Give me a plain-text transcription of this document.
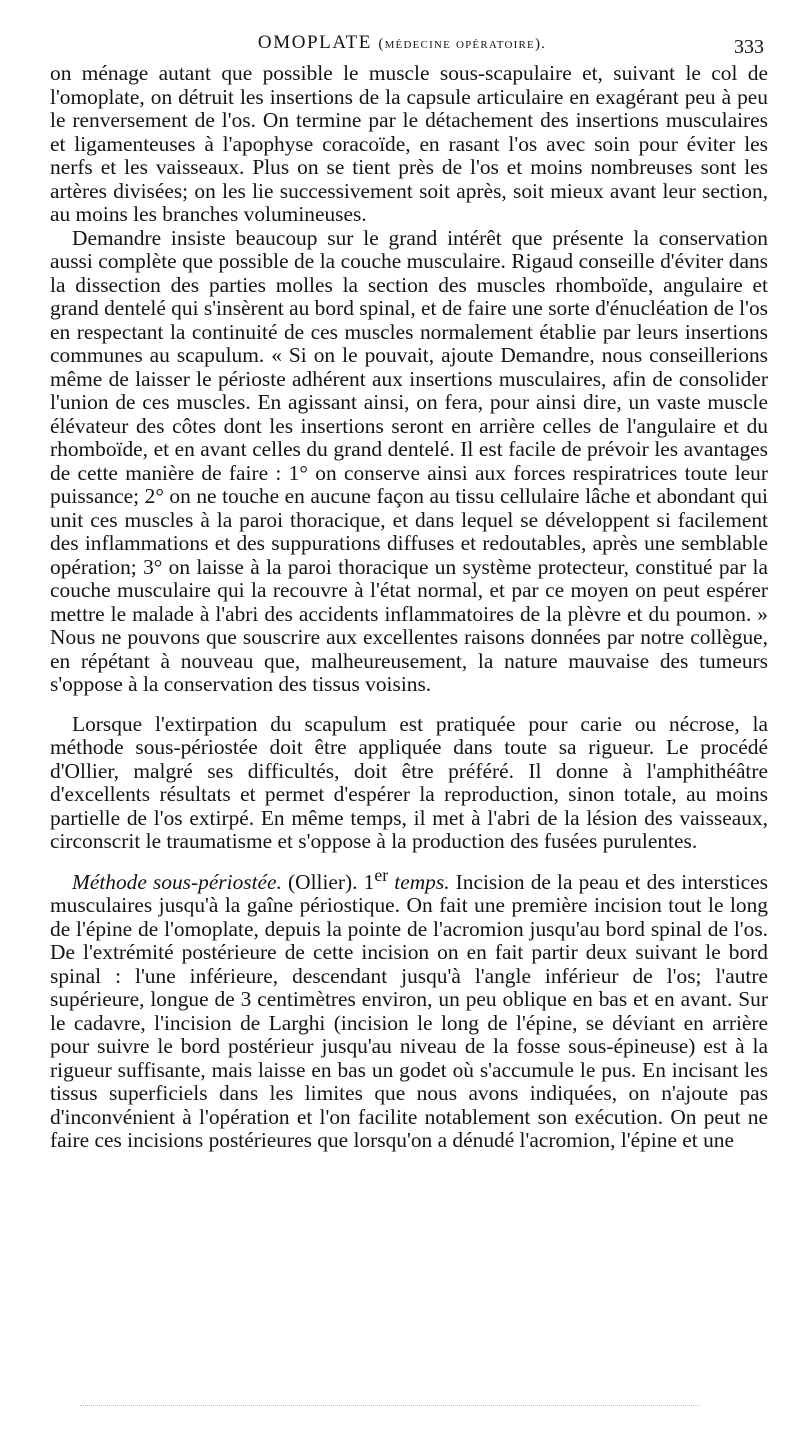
OMOPLATE (médecine opératoire).	333

on ménage autant que possible le muscle sous-scapulaire et, suivant le col de l'omoplate, on détruit les insertions de la capsule articulaire en exagérant peu à peu le renversement de l'os. On termine par le détachement des insertions musculaires et ligamenteuses à l'apophyse coracoïde, en rasant l'os avec soin pour éviter les nerfs et les vaisseaux. Plus on se tient près de l'os et moins nombreuses sont les artères divisées; on les lie successivement soit après, soit mieux avant leur section, au moins les branches volumineuses.

Demandre insiste beaucoup sur le grand intérêt que présente la conservation aussi complète que possible de la couche musculaire. Rigaud conseille d'éviter dans la dissection des parties molles la section des muscles rhomboïde, angulaire et grand dentelé qui s'insèrent au bord spinal, et de faire une sorte d'énucléation de l'os en respectant la continuité de ces muscles normalement établie par leurs insertions communes au scapulum. « Si on le pouvait, ajoute Demandre, nous conseillerions même de laisser le périoste adhérent aux insertions musculaires, afin de consolider l'union de ces muscles. En agissant ainsi, on fera, pour ainsi dire, un vaste muscle élévateur des côtes dont les insertions seront en arrière celles de l'angulaire et du rhomboïde, et en avant celles du grand dentelé. Il est facile de prévoir les avantages de cette manière de faire : 1° on conserve ainsi aux forces respiratrices toute leur puissance; 2° on ne touche en aucune façon au tissu cellulaire lâche et abondant qui unit ces muscles à la paroi thoracique, et dans lequel se développent si facilement des inflammations et des suppurations diffuses et redoutables, après une semblable opération; 3° on laisse à la paroi thoracique un système protecteur, constitué par la couche musculaire qui la recouvre à l'état normal, et par ce moyen on peut espérer mettre le malade à l'abri des accidents inflammatoires de la plèvre et du poumon. » Nous ne pouvons que souscrire aux excellentes raisons données par notre collègue, en répétant à nouveau que, malheureusement, la nature mauvaise des tumeurs s'oppose à la conservation des tissus voisins.

Lorsque l'extirpation du scapulum est pratiquée pour carie ou nécrose, la méthode sous-périostée doit être appliquée dans toute sa rigueur. Le procédé d'Ollier, malgré ses difficultés, doit être préféré. Il donne à l'amphithéâtre d'excellents résultats et permet d'espérer la reproduction, sinon totale, au moins partielle de l'os extirpé. En même temps, il met à l'abri de la lésion des vaisseaux, circonscrit le traumatisme et s'oppose à la production des fusées purulentes.

Méthode sous-périostée. (Ollier). 1er temps. Incision de la peau et des interstices musculaires jusqu'à la gaîne périostique. On fait une première incision tout le long de l'épine de l'omoplate, depuis la pointe de l'acromion jusqu'au bord spinal de l'os. De l'extrémité postérieure de cette incision on en fait partir deux suivant le bord spinal : l'une inférieure, descendant jusqu'à l'angle inférieur de l'os; l'autre supérieure, longue de 3 centimètres environ, un peu oblique en bas et en avant. Sur le cadavre, l'incision de Larghi (incision le long de l'épine, se déviant en arrière pour suivre le bord postérieur jusqu'au niveau de la fosse sous-épineuse) est à la rigueur suffisante, mais laisse en bas un godet où s'accumule le pus. En incisant les tissus superficiels dans les limites que nous avons indiquées, on n'ajoute pas d'inconvénient à l'opération et l'on facilite notablement son exécution. On peut ne faire ces incisions postérieures que lorsqu'on a dénudé l'acromion, l'épine et une
